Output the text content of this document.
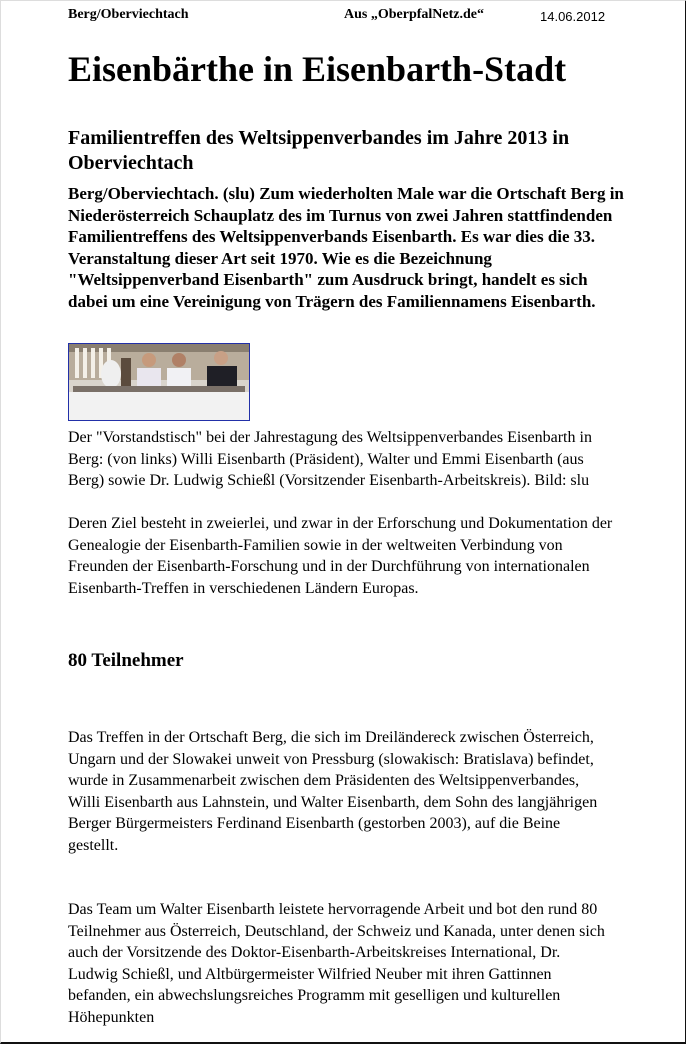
Berg/Oberviechtach	Aus „OberpfalNetz.de“	14.06.2012
Eisenbärthe in Eisenbarth-Stadt
Familientreffen des Weltsippenverbandes im Jahre 2013 in Oberviechtach

Berg/Oberviechtach. (slu) Zum wiederholten Male war die Ortschaft Berg in Niederösterreich Schauplatz des im Turnus von zwei Jahren stattfindenden Familientreffens des Weltsippenverbands Eisenbarth. Es war dies die 33. Veranstaltung dieser Art seit 1970. Wie es die Bezeichnung "Weltsippenverband Eisenbarth" zum Ausdruck bringt, handelt es sich dabei um eine Vereinigung von Trägern des Familiennamens Eisenbarth.

Der "Vorstandstisch" bei der Jahrestagung des Weltsippenverbandes Eisenbarth in Berg: (von links) Willi Eisenbarth (Präsident), Walter und Emmi Eisenbarth (aus Berg) sowie Dr. Ludwig Schießl (Vorsitzender Eisenbarth-Arbeitskreis). Bild: slu

Deren Ziel besteht in zweierlei, und zwar in der Erforschung und Dokumentation der Genealogie der Eisenbarth-Familien sowie in der weltweiten Verbindung von Freunden der Eisenbarth-Forschung und in der Durchführung von internationalen Eisenbarth-Treffen in verschiedenen Ländern Europas.

80 Teilnehmer

Das Treffen in der Ortschaft Berg, die sich im Dreiländereck zwischen Österreich, Ungarn und der Slowakei unweit von Pressburg (slowakisch: Bratislava) befindet, wurde in Zusammenarbeit zwischen dem Präsidenten des Weltsippenverbandes, Willi Eisenbarth aus Lahnstein, und Walter Eisenbarth, dem Sohn des langjährigen Berger Bürgermeisters Ferdinand Eisenbarth (gestorben 2003), auf die Beine gestellt.

Das Team um Walter Eisenbarth leistete hervorragende Arbeit und bot den rund 80 Teilnehmer aus Österreich, Deutschland, der Schweiz und Kanada, unter denen sich auch der Vorsitzende des Doktor-Eisenbarth-Arbeitskreises International, Dr. Ludwig Schießl, und Altbürgermeister Wilfried Neuber mit ihren Gattinnen befanden, ein abwechslungsreiches Programm mit geselligen und kulturellen Höhepunkten
